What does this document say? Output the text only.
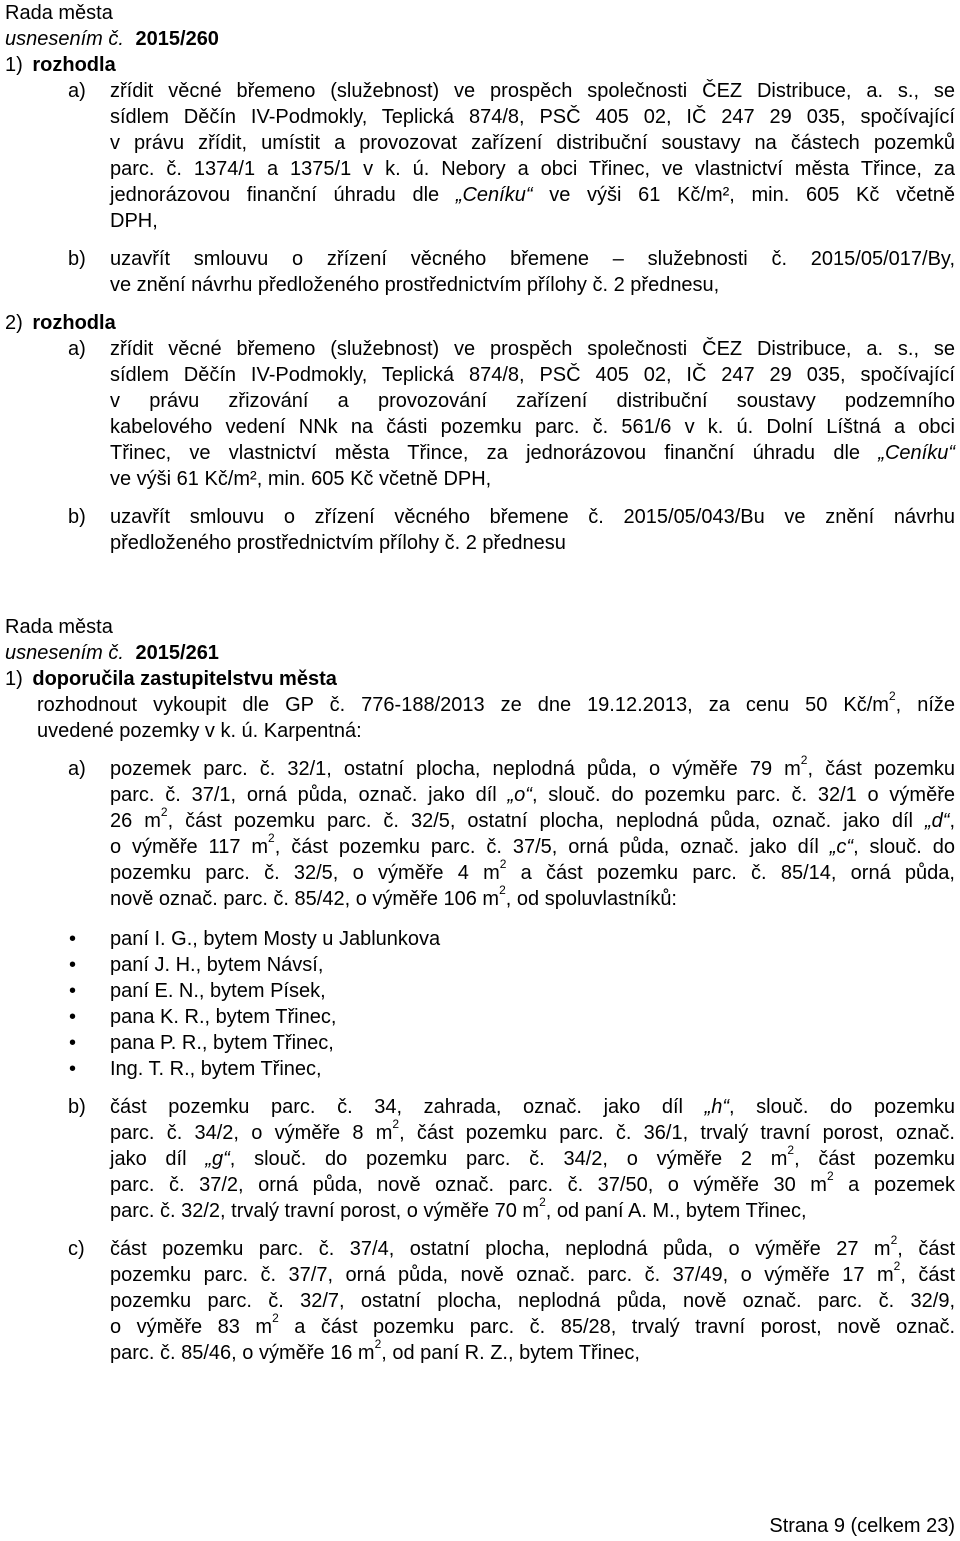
Rada města
usnesením č. 2015/260
1) rozhodla
a) zřídit věcné břemeno (služebnost) ve prospěch společnosti ČEZ Distribuce, a. s., se
sídlem Děčín IV-Podmokly, Teplická 874/8, PSČ 405 02, IČ 247 29 035, spočívající
v právu zřídit, umístit a provozovat zařízení distribuční soustavy na částech pozemků
parc. č. 1374/1 a 1375/1 v k. ú. Nebory a obci Třinec, ve vlastnictví města Třince, za
jednorázovou finanční úhradu dle „Ceníku“ ve výši 61 Kč/m², min. 605 Kč včetně
DPH,
b) uzavřít smlouvu o zřízení věcného břemene – služebnosti č. 2015/05/017/By,
ve znění návrhu předloženého prostřednictvím přílohy č. 2 přednesu,
2) rozhodla
a) zřídit věcné břemeno (služebnost) ve prospěch společnosti ČEZ Distribuce, a. s., se
sídlem Děčín IV-Podmokly, Teplická 874/8, PSČ 405 02, IČ 247 29 035, spočívající
v právu zřizování a provozování zařízení distribuční soustavy podzemního
kabelového vedení NNk na části pozemku parc. č. 561/6 v k. ú. Dolní Líštná a obci
Třinec, ve vlastnictví města Třince, za jednorázovou finanční úhradu dle „Ceníku“
ve výši 61 Kč/m², min. 605 Kč včetně DPH,
b) uzavřít smlouvu o zřízení věcného břemene č. 2015/05/043/Bu ve znění návrhu
předloženého prostřednictvím přílohy č. 2 přednesu
Rada města
usnesením č. 2015/261
1) doporučila zastupitelstvu města
rozhodnout vykoupit dle GP č. 776-188/2013 ze dne 19.12.2013, za cenu 50 $Kč/m^2$, níže
uvedené pozemky v k. ú. Karpentná:
a) pozemek parc. č. 32/1, ostatní plocha, neplodná půda, o výměře 79 $m^2$, část pozemku
parc. č. 37/1, orná půda, označ. jako díl „o“, slouč. do pozemku parc. č. 32/1 o výměře
26 $m^2$, část pozemku parc. č. 32/5, ostatní plocha, neplodná půda, označ. jako díl „d“,
o výměře 117 $m^2$, část pozemku parc. č. 37/5, orná půda, označ. jako díl „c“, slouč. do
pozemku parc. č. 32/5, o výměře 4 $m^2$ a část pozemku parc. č. 85/14, orná půda,
nově označ. parc. č. 85/42, o výměře 106 $m^2$, od spoluvlastníků:
• paní I. G., bytem Mosty u Jablunkova
• paní J. H., bytem Návsí,
• paní E. N., bytem Písek,
• pana K. R., bytem Třinec,
• pana P. R., bytem Třinec,
• Ing. T. R., bytem Třinec,
b) část pozemku parc. č. 34, zahrada, označ. jako díl „h“, slouč. do pozemku
parc. č. 34/2, o výměře 8 $m^2$, část pozemku parc. č. 36/1, trvalý travní porost, označ.
jako díl „g“, slouč. do pozemku parc. č. 34/2, o výměře 2 $m^2$, část pozemku
parc. č. 37/2, orná půda, nově označ. parc. č. 37/50, o výměře 30 $m^2$ a pozemek
parc. č. 32/2, trvalý travní porost, o výměře 70 $m^2$, od paní A. M., bytem Třinec,
c) část pozemku parc. č. 37/4, ostatní plocha, neplodná půda, o výměře 27 $m^2$, část
pozemku parc. č. 37/7, orná půda, nově označ. parc. č. 37/49, o výměře 17 $m^2$, část
pozemku parc. č. 32/7, ostatní plocha, neplodná půda, nově označ. parc. č. 32/9,
o výměře 83 $m^2$ a část pozemku parc. č. 85/28, trvalý travní porost, nově označ.
parc. č. 85/46, o výměře 16 $m^2$, od paní R. Z., bytem Třinec,
Strana 9 (celkem 23)
